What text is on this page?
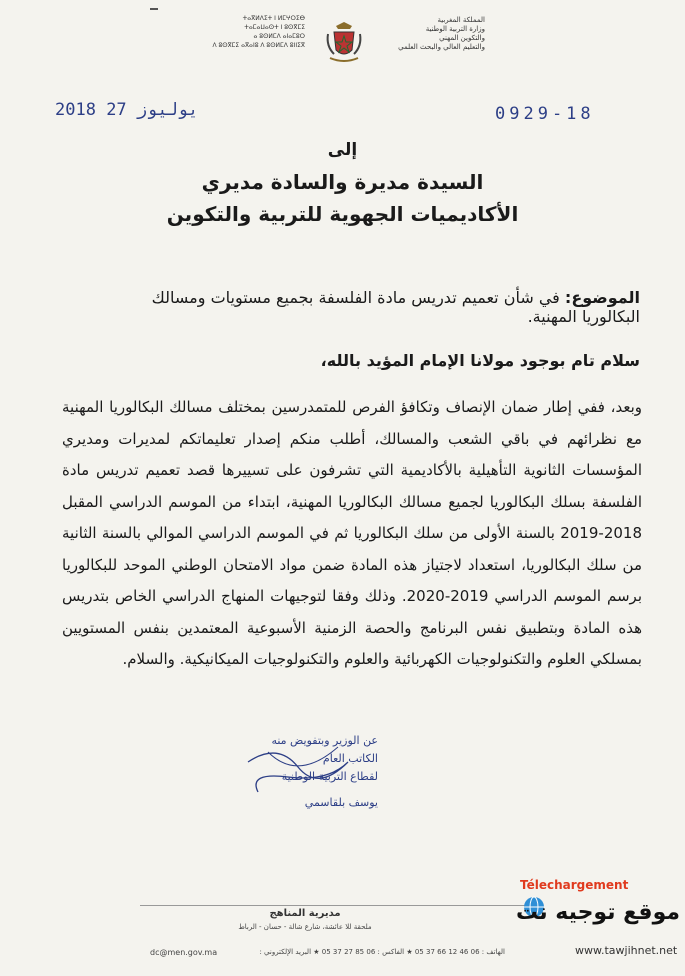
ⵜⴰⴳⵍⴷⵉⵜ ⵏ ⵍⵎⵖⵔⵉⴱ
ⵜⴰⵎⴰⵡⴰⵙⵜ ⵏ ⵓⵙⴳⵎⵉ
ⴰ ⵓⵙⵍⵎⴷ ⴰⵏⴰⵎⵓⵔ
ⴷ ⵓⵙⴳⵎⵉ ⴰⴳⴰⵏⵓ ⴷ ⵓⵙⵍⵎⴷ ⵓⵏⵏⵉⴳ
المملكة المغربية
وزارة التربية الوطنية
والتكوين المهني
والتعليم العالي والبحث العلمي
2018 يوليوز 27	0929-18
إلى
السيدة مديرة والسادة مديري
الأكاديميات الجهوية للتربية والتكوين
الموضوع: في شأن تعميم تدريس مادة الفلسفة بجميع مستويات ومسالك البكالوريا المهنية.
سلام تام بوجود مولانا الإمام المؤيد بالله،
وبعد، ففي إطار ضمان الإنصاف وتكافؤ الفرص للمتمدرسين بمختلف مسالك البكالوريا المهنية مع نظرائهم في باقي الشعب والمسالك، أطلب منكم إصدار تعليماتكم لمديرات ومديري المؤسسات الثانوية التأهيلية بالأكاديمية التي تشرفون على تسييرها قصد تعميم تدريس مادة الفلسفة بسلك البكالوريا لجميع مسالك البكالوريا المهنية، ابتداء من الموسم الدراسي المقبل 2018-2019 بالسنة الأولى من سلك البكالوريا ثم في الموسم الدراسي الموالي بالسنة الثانية من سلك البكالوريا، استعداد لاجتياز هذه المادة ضمن مواد الامتحان الوطني الموحد للبكالوريا برسم الموسم الدراسي 2019-2020. وذلك وفقا لتوجيهات المنهاج الدراسي الخاص بتدريس هذه المادة وبتطبيق نفس البرنامج والحصة الزمنية الأسبوعية المعتمدين بنفس المستويين بمسلكي العلوم والتكنولوجيات الكهربائية والعلوم والتكنولوجيات الميكانيكية. والسلام.
عن الوزير وبتفويض منه
الكاتب العام
لقطاع التربية الوطنية
يوسف بلقاسمي
مديرية المناهج
ملحقة للا عائشة، شارع شالة - حسان - الرباط
الهاتف : 06 46 12 66 37 05 ★ الفاكس : 06 85 27 37 05 ★ البريد الإلكتروني :
dc@men.gov.ma
Télechargement
موقع توجيه نت
www.tawjihnet.net
